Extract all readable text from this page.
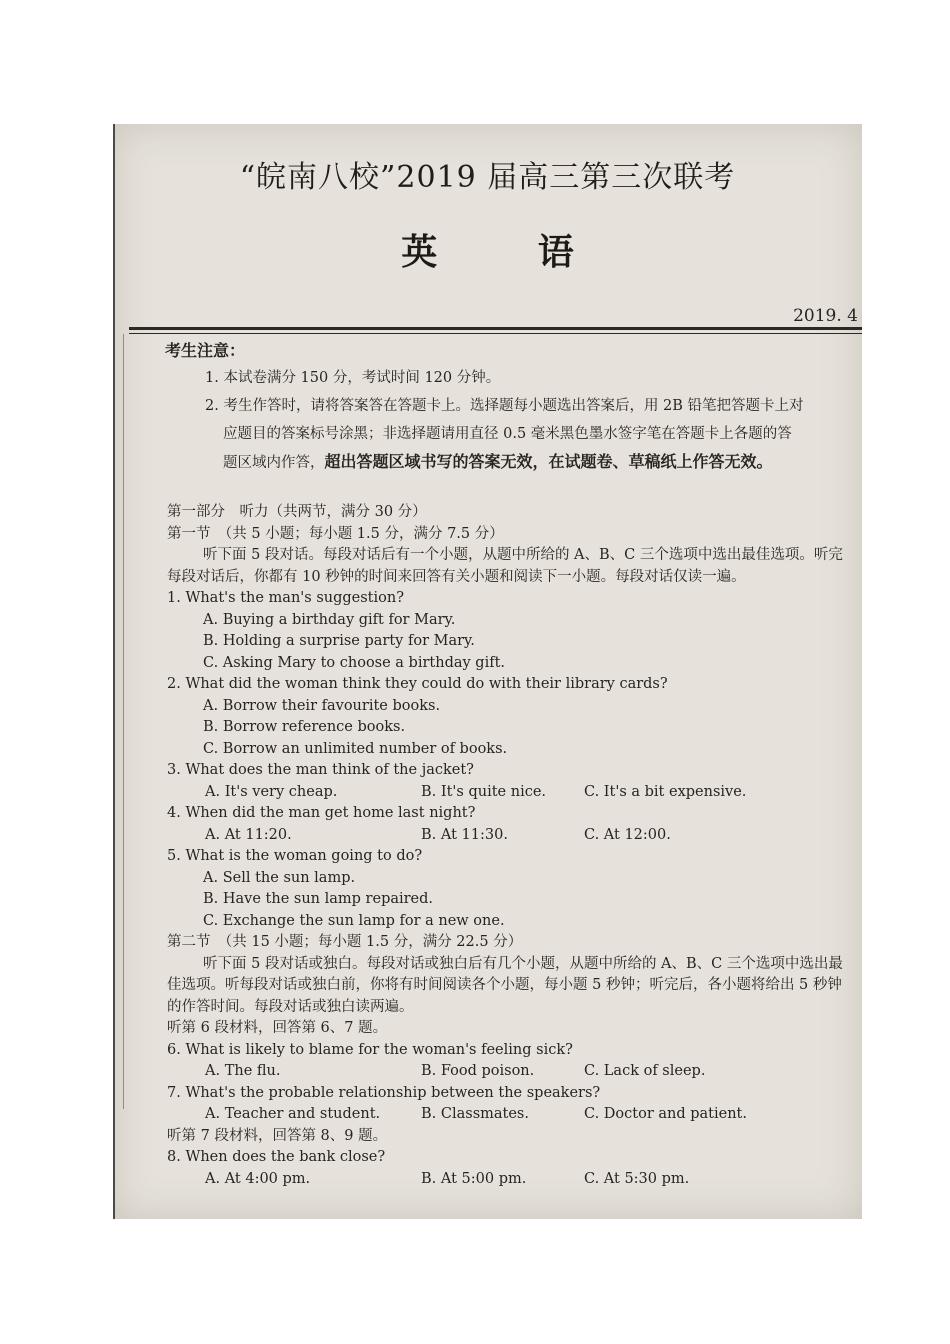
“皖南八校”2019 届高三第三次联考
英 语
2019. 4
考生注意：

1. 本试卷满分 150 分，考试时间 120 分钟。

2. 考生作答时，请将答案答在答题卡上。选择题每小题选出答案后，用 2B 铅笔把答题卡上对

应题目的答案标号涂黑；非选择题请用直径 0.5 毫米黑色墨水签字笔在答题卡上各题的答

题区域内作答，超出答题区域书写的答案无效，在试题卷、草稿纸上作答无效。

第一部分　听力（共两节，满分 30 分）
第一节　（共 5 小题；每小题 1.5 分，满分 7.5 分）
听下面 5 段对话。每段对话后有一个小题，从题中所给的 A、B、C 三个选项中选出最佳选项。听完每段对话后，你都有 10 秒钟的时间来回答有关小题和阅读下一小题。每段对话仅读一遍。
1. What's the man's suggestion?
A. Buying a birthday gift for Mary.
B. Holding a surprise party for Mary.
C. Asking Mary to choose a birthday gift.
2. What did the woman think they could do with their library cards?
A. Borrow their favourite books.
B. Borrow reference books.
C. Borrow an unlimited number of books.
3. What does the man think of the jacket?
A. It's very cheap.	B. It's quite nice.	C. It's a bit expensive.
4. When did the man get home last night?
A. At 11:20.	B. At 11:30.	C. At 12:00.
5. What is the woman going to do?
A. Sell the sun lamp.
B. Have the sun lamp repaired.
C. Exchange the sun lamp for a new one.
第二节　（共 15 小题；每小题 1.5 分，满分 22.5 分）
听下面 5 段对话或独白。每段对话或独白后有几个小题，从题中所给的 A、B、C 三个选项中选出最佳选项。听每段对话或独白前，你将有时间阅读各个小题，每小题 5 秒钟；听完后，各小题将给出 5 秒钟的作答时间。每段对话或独白读两遍。
听第 6 段材料，回答第 6、7 题。
6. What is likely to blame for the woman's feeling sick?
A. The flu.	B. Food poison.	C. Lack of sleep.
7. What's the probable relationship between the speakers?
A. Teacher and student.	B. Classmates.	C. Doctor and patient.
听第 7 段材料，回答第 8、9 题。
8. When does the bank close?
A. At 4:00 pm.	B. At 5:00 pm.	C. At 5:30 pm.
